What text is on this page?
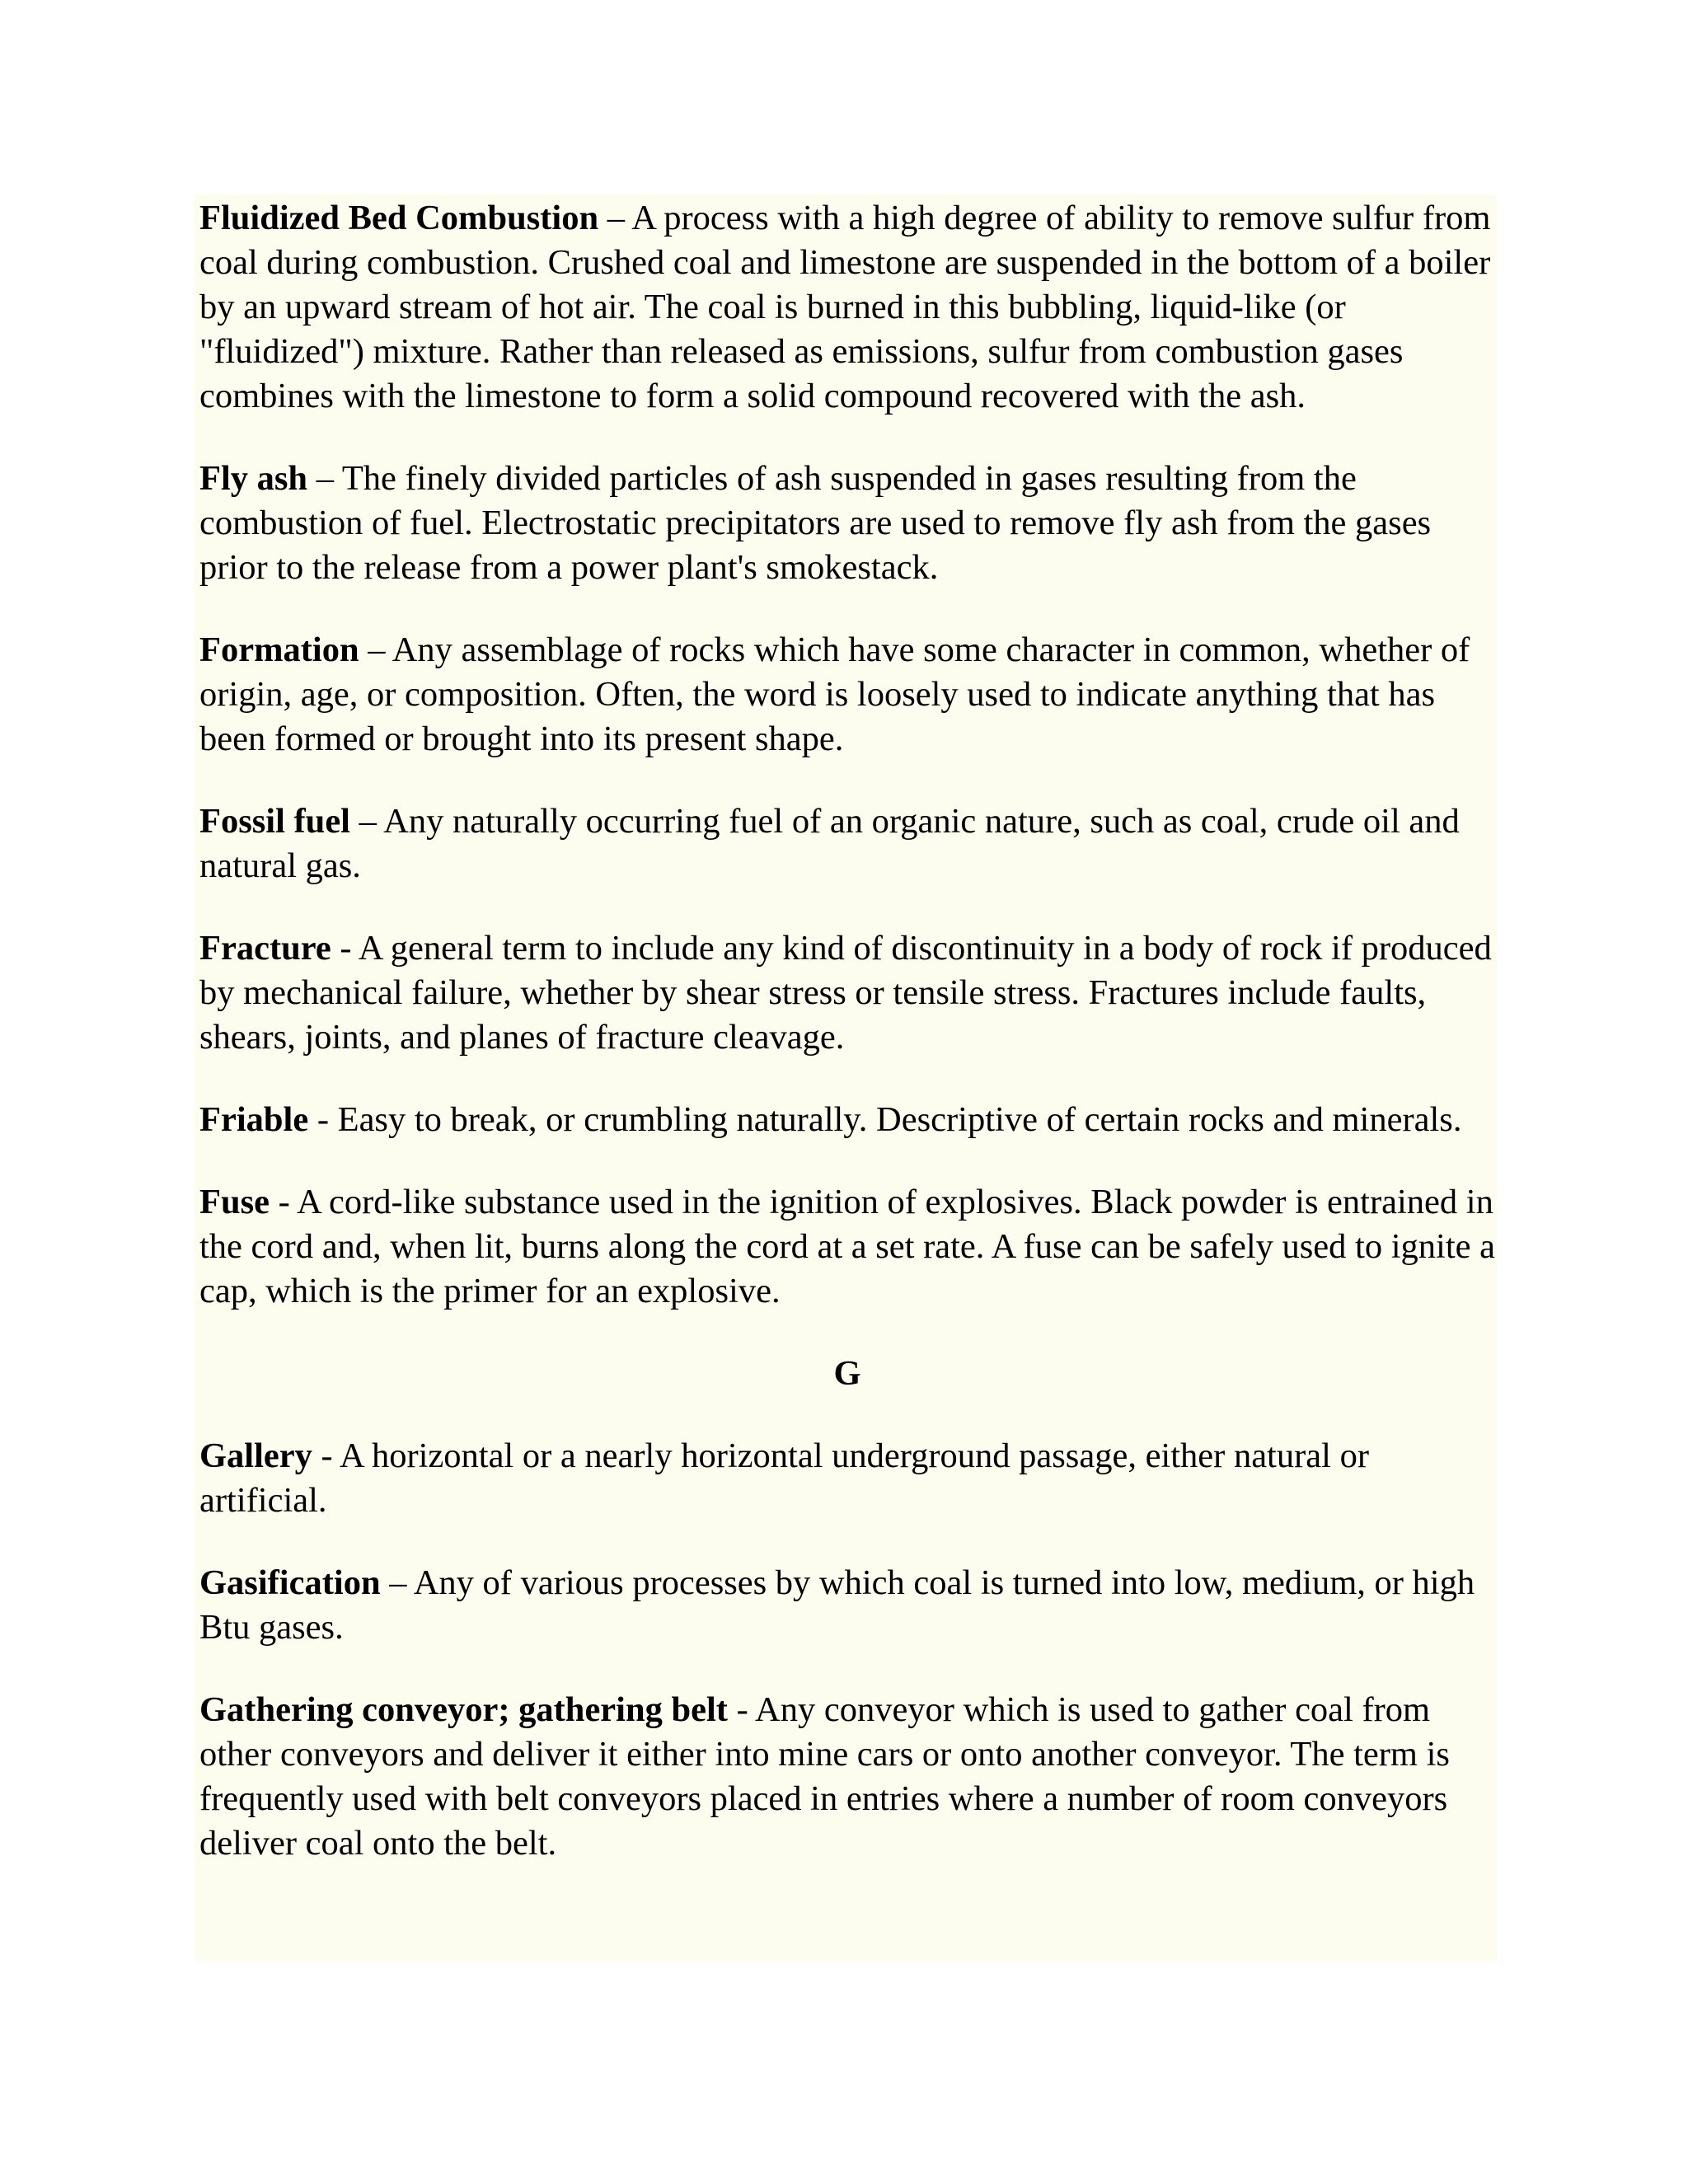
Fluidized Bed Combustion – A process with a high degree of ability to remove sulfur from coal during combustion. Crushed coal and limestone are suspended in the bottom of a boiler by an upward stream of hot air. The coal is burned in this bubbling, liquid-like (or "fluidized") mixture. Rather than released as emissions, sulfur from combustion gases combines with the limestone to form a solid compound recovered with the ash.

Fly ash – The finely divided particles of ash suspended in gases resulting from the combustion of fuel. Electrostatic precipitators are used to remove fly ash from the gases prior to the release from a power plant's smokestack.

Formation – Any assemblage of rocks which have some character in common, whether of origin, age, or composition. Often, the word is loosely used to indicate anything that has been formed or brought into its present shape.

Fossil fuel – Any naturally occurring fuel of an organic nature, such as coal, crude oil and natural gas.

Fracture - A general term to include any kind of discontinuity in a body of rock if produced by mechanical failure, whether by shear stress or tensile stress. Fractures include faults, shears, joints, and planes of fracture cleavage.

Friable - Easy to break, or crumbling naturally. Descriptive of certain rocks and minerals.

Fuse - A cord-like substance used in the ignition of explosives. Black powder is entrained in the cord and, when lit, burns along the cord at a set rate. A fuse can be safely used to ignite a cap, which is the primer for an explosive.

G

Gallery - A horizontal or a nearly horizontal underground passage, either natural or artificial.

Gasification – Any of various processes by which coal is turned into low, medium, or high Btu gases.

Gathering conveyor; gathering belt - Any conveyor which is used to gather coal from other conveyors and deliver it either into mine cars or onto another conveyor. The term is frequently used with belt conveyors placed in entries where a number of room conveyors deliver coal onto the belt.
